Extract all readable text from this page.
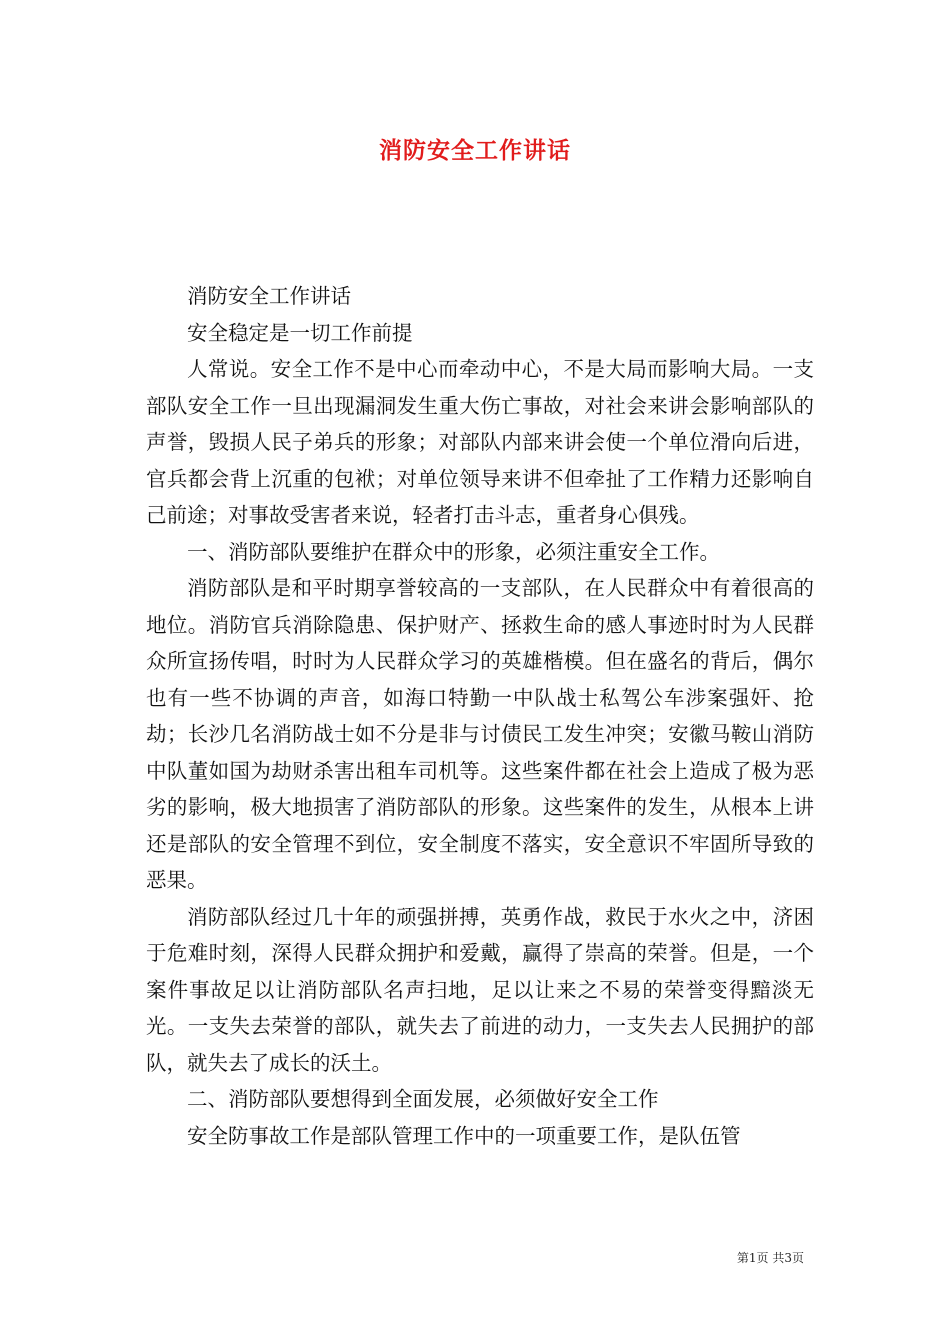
消防安全工作讲话

消防安全工作讲话

安全稳定是一切工作前提

人常说。安全工作不是中心而牵动中心，不是大局而影响大局。一支部队安全工作一旦出现漏洞发生重大伤亡事故，对社会来讲会影响部队的声誉，毁损人民子弟兵的形象；对部队内部来讲会使一个单位滑向后进，官兵都会背上沉重的包袱；对单位领导来讲不但牵扯了工作精力还影响自己前途；对事故受害者来说，轻者打击斗志，重者身心俱残。

一、消防部队要维护在群众中的形象，必须注重安全工作。

消防部队是和平时期享誉较高的一支部队，在人民群众中有着很高的地位。消防官兵消除隐患、保护财产、拯救生命的感人事迹时时为人民群众所宣扬传唱，时时为人民群众学习的英雄楷模。但在盛名的背后，偶尔也有一些不协调的声音，如海口特勤一中队战士私驾公车涉案强奸、抢劫；长沙几名消防战士如不分是非与讨债民工发生冲突；安徽马鞍山消防中队董如国为劫财杀害出租车司机等。这些案件都在社会上造成了极为恶劣的影响，极大地损害了消防部队的形象。这些案件的发生，从根本上讲还是部队的安全管理不到位，安全制度不落实，安全意识不牢固所导致的恶果。

消防部队经过几十年的顽强拼搏，英勇作战，救民于水火之中，济困于危难时刻，深得人民群众拥护和爱戴，赢得了崇高的荣誉。但是，一个案件事故足以让消防部队名声扫地，足以让来之不易的荣誉变得黯淡无光。一支失去荣誉的部队，就失去了前进的动力，一支失去人民拥护的部队，就失去了成长的沃土。

二、消防部队要想得到全面发展，必须做好安全工作

安全防事故工作是部队管理工作中的一项重要工作，是队伍管

第1页 共3页
